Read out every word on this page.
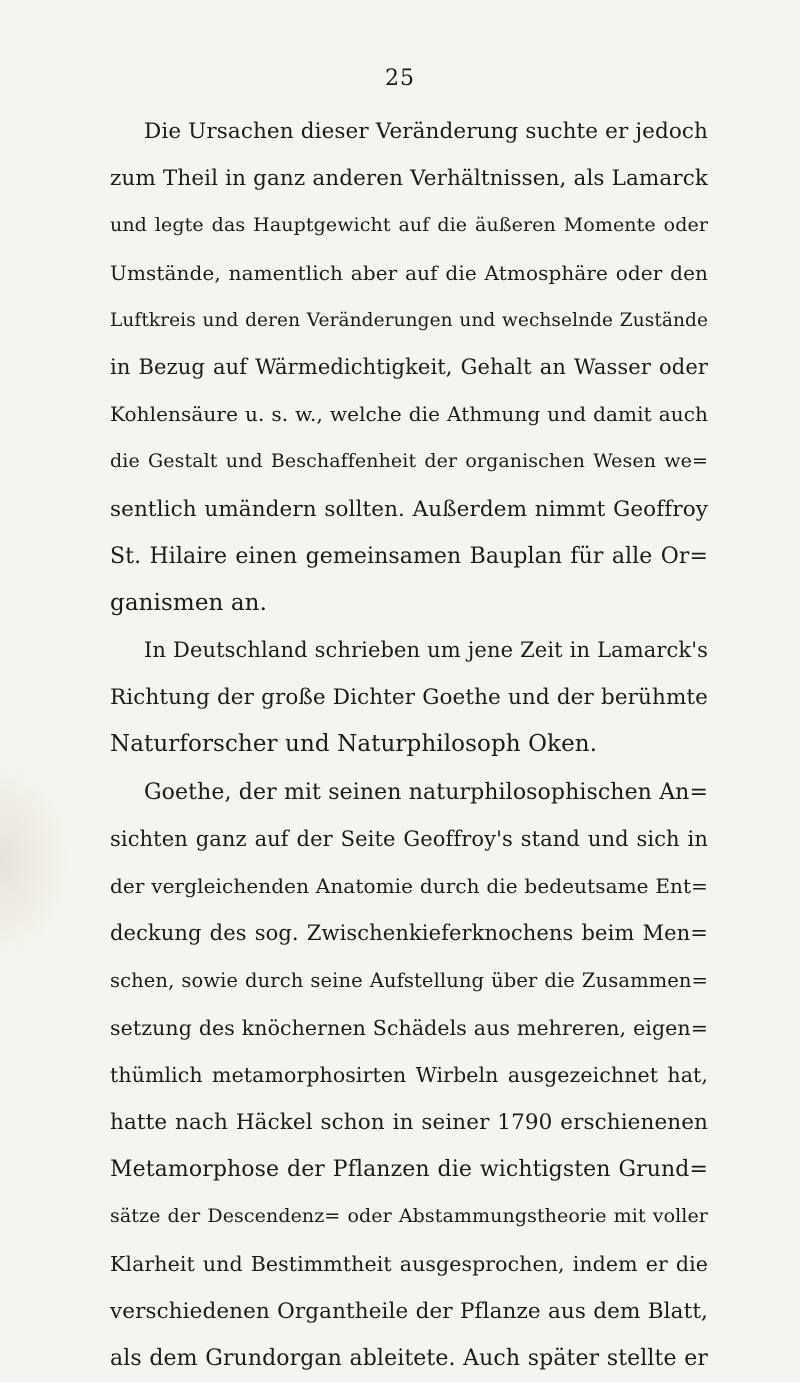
25
Die Ursachen dieser Veränderung suchte er jedoch
zum Theil in ganz anderen Verhältnissen, als Lamarck
und legte das Hauptgewicht auf die äußeren Momente oder
Umstände, namentlich aber auf die Atmosphäre oder den
Luftkreis und deren Veränderungen und wechselnde Zustände
in Bezug auf Wärmedichtigkeit, Gehalt an Wasser oder
Kohlensäure u. s. w., welche die Athmung und damit auch
die Gestalt und Beschaffenheit der organischen Wesen we=
sentlich umändern sollten. Außerdem nimmt Geoffroy
St. Hilaire einen gemeinsamen Bauplan für alle Or=
ganismen an.
In Deutschland schrieben um jene Zeit in Lamarck's
Richtung der große Dichter Goethe und der berühmte
Naturforscher und Naturphilosoph Oken.
Goethe, der mit seinen naturphilosophischen An=
sichten ganz auf der Seite Geoffroy's stand und sich in
der vergleichenden Anatomie durch die bedeutsame Ent=
deckung des sog. Zwischenkieferknochens beim Men=
schen, sowie durch seine Aufstellung über die Zusammen=
setzung des knöchernen Schädels aus mehreren, eigen=
thümlich metamorphosirten Wirbeln ausgezeichnet hat,
hatte nach Häckel schon in seiner 1790 erschienenen
Metamorphose der Pflanzen die wichtigsten Grund=
sätze der Descendenz= oder Abstammungstheorie mit voller
Klarheit und Bestimmtheit ausgesprochen, indem er die
verschiedenen Organtheile der Pflanze aus dem Blatt,
als dem Grundorgan ableitete. Auch später stellte er
